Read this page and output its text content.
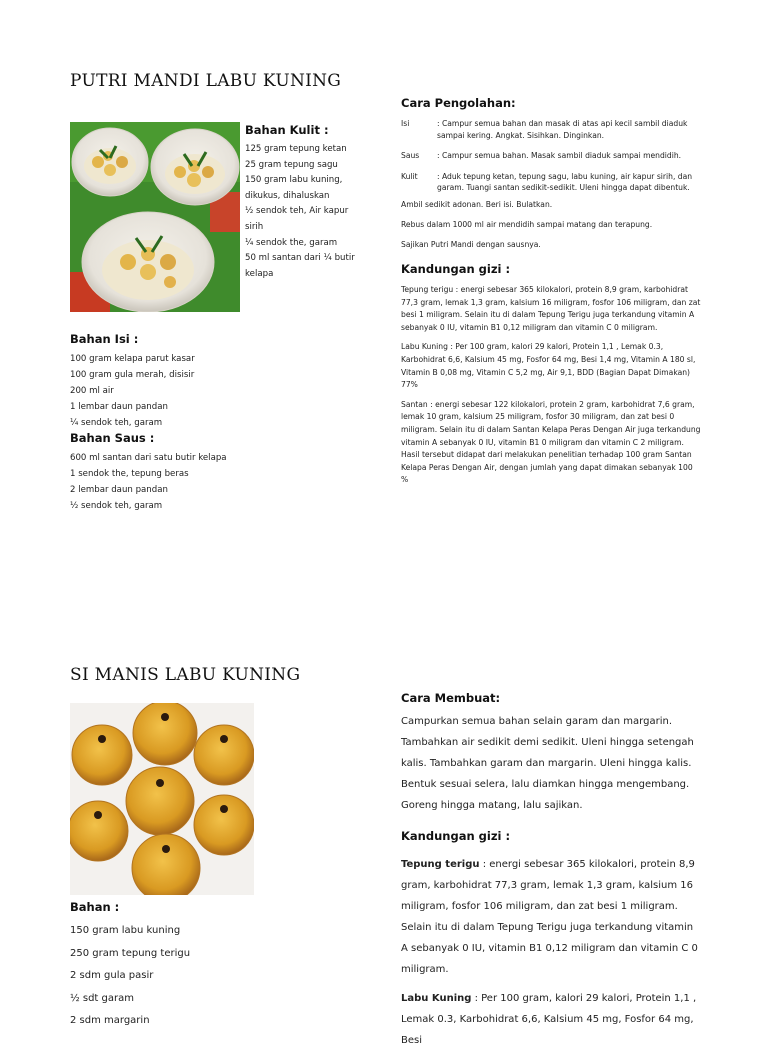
PUTRI MANDI LABU KUNING
Bahan Kulit :
125 gram tepung ketan
25 gram tepung sagu
150 gram labu kuning,
dikukus, dihaluskan
½ sendok teh, Air kapur
sirih
¼ sendok the, garam
50 ml santan dari ¼ butir
kelapa
Bahan Isi :
100 gram kelapa parut kasar
100 gram gula merah, disisir
200 ml air
1 lembar daun pandan
¼ sendok teh, garam
Bahan Saus :
600 ml santan dari satu butir kelapa
1 sendok the, tepung beras
2 lembar daun pandan
½ sendok teh, garam
Cara Pengolahan:
Isi	: Campur semua bahan dan masak di atas api kecil sambil diaduk sampai kering. Angkat. Sisihkan. Dinginkan.
Saus	: Campur semua bahan. Masak sambil diaduk sampai mendidih.
Kulit	: Aduk tepung ketan, tepung sagu, labu kuning, air kapur sirih, dan garam. Tuangi santan sedikit-sedikit. Uleni hingga dapat dibentuk.
Ambil sedikit adonan. Beri isi. Bulatkan.
Rebus dalam 1000 ml air mendidih sampai matang dan terapung.
Sajikan Putri Mandi dengan sausnya.
Kandungan gizi :

Tepung terigu : energi sebesar 365 kilokalori, protein 8,9 gram, karbohidrat 77,3 gram, lemak 1,3 gram, kalsium 16 miligram, fosfor 106 miligram, dan zat besi 1 miligram. Selain itu di dalam Tepung Terigu juga terkandung vitamin A sebanyak 0 IU, vitamin B1 0,12 miligram dan vitamin C 0 miligram.

Labu Kuning : Per 100 gram, kalori 29 kalori, Protein 1,1 , Lemak 0.3, Karbohidrat 6,6, Kalsium 45 mg, Fosfor 64 mg, Besi 1,4 mg, Vitamin A 180 sl, Vitamin B 0,08 mg, Vitamin C 5,2 mg, Air 9,1, BDD (Bagian Dapat Dimakan) 77%

Santan : energi sebesar 122 kilokalori, protein 2 gram, karbohidrat 7,6 gram, lemak 10 gram, kalsium 25 miligram, fosfor 30 miligram, dan zat besi 0 miligram. Selain itu di dalam Santan Kelapa Peras Dengan Air juga terkandung vitamin A sebanyak 0 IU, vitamin B1 0 miligram dan vitamin C 2 miligram. Hasil tersebut didapat dari melakukan penelitian terhadap 100 gram Santan Kelapa Peras Dengan Air, dengan jumlah yang dapat dimakan sebanyak 100 %

SI MANIS LABU KUNING
Bahan :
150 gram labu kuning
250 gram tepung terigu
2 sdm gula pasir
½ sdt garam
2 sdm margarin
Cara Membuat:
Campurkan semua bahan selain garam dan margarin. Tambahkan air sedikit demi sedikit. Uleni hingga setengah kalis. Tambahkan garam dan margarin. Uleni hingga kalis. Bentuk sesuai selera, lalu diamkan hingga mengembang. Goreng hingga matang, lalu sajikan.
Kandungan gizi :
Tepung terigu : energi sebesar 365 kilokalori, protein 8,9 gram, karbohidrat 77,3 gram, lemak 1,3 gram, kalsium 16 miligram, fosfor 106 miligram, dan zat besi 1 miligram. Selain itu di dalam Tepung Terigu juga terkandung vitamin A sebanyak 0 IU, vitamin B1 0,12 miligram dan vitamin C 0 miligram.
Labu Kuning : Per 100 gram, kalori 29 kalori, Protein 1,1 , Lemak 0.3, Karbohidrat 6,6, Kalsium 45 mg, Fosfor 64 mg, Besi
